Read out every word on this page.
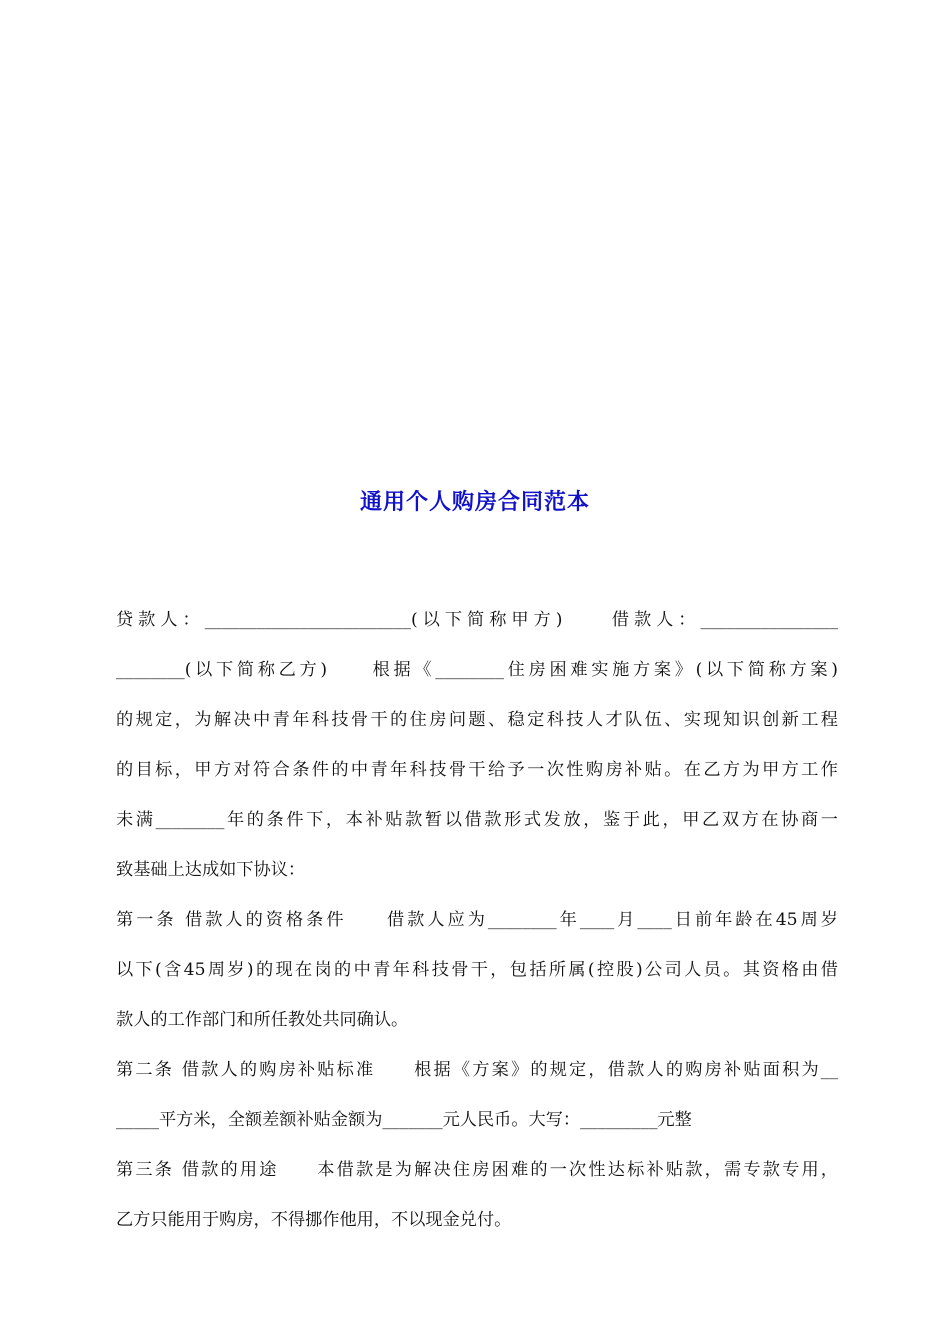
通用个人购房合同范本
贷款人：________________________(以下简称甲方)　　借款人：________________
________(以下简称乙方)　　根据《________住房困难实施方案》(以下简称方案)
的规定，为解决中青年科技骨干的住房问题、稳定科技人才队伍、实现知识创新工程
的目标，甲方对符合条件的中青年科技骨干给予一次性购房补贴。在乙方为甲方工作
未满________年的条件下，本补贴款暂以借款形式发放，鉴于此，甲乙双方在协商一
致基础上达成如下协议：
第一条 借款人的资格条件　　借款人应为________年____月____日前年龄在45周岁
以下(含45周岁)的现在岗的中青年科技骨干，包括所属(控股)公司人员。其资格由借
款人的工作部门和所任教处共同确认。
第二条 借款人的购房补贴标准　　根据《方案》的规定，借款人的购房补贴面积为__
_____平方米，全额差额补贴金额为_______元人民币。大写：_________元整
第三条 借款的用途　　本借款是为解决住房困难的一次性达标补贴款，需专款专用，
乙方只能用于购房，不得挪作他用，不以现金兑付。
